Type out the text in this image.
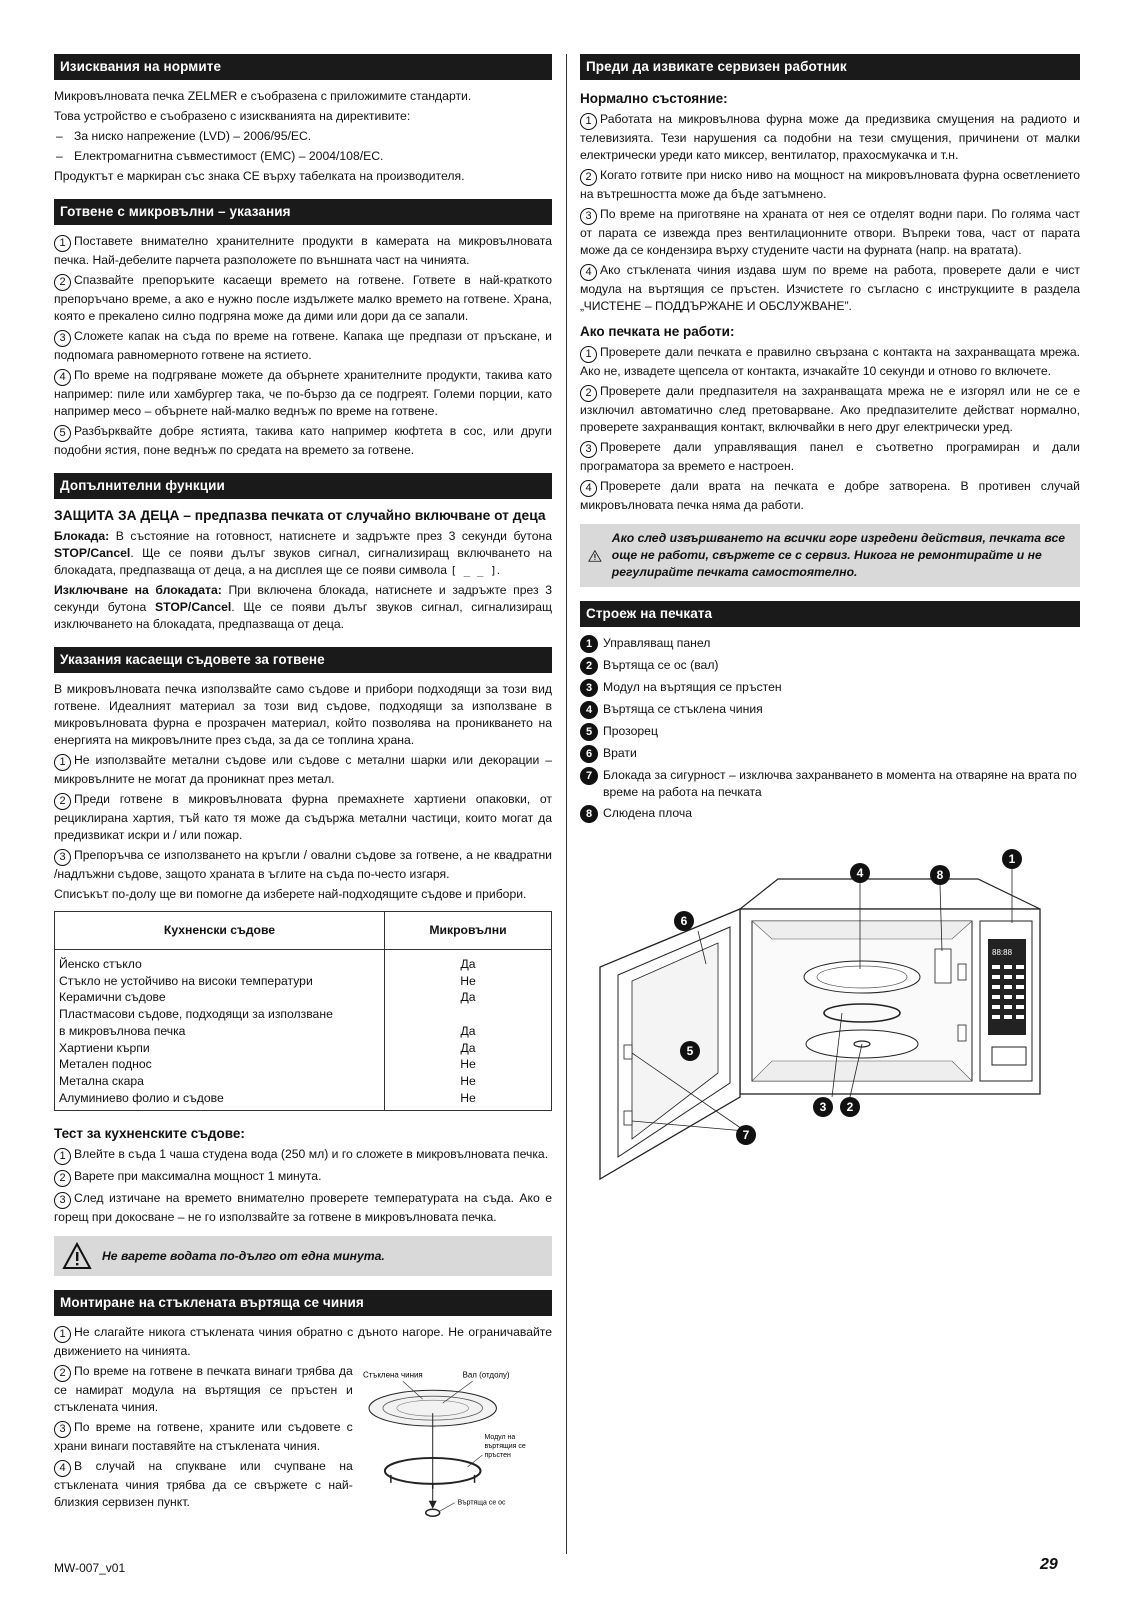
Изисквания на нормите

Микровълновата печка ZELMER е съобразена с приложимите стандарти.

Това устройство е съобразено с изискванията на директивите:

– За ниско напрежение (LVD) – 2006/95/EC.

– Електромагнитна съвместимост (EMC) – 2004/108/EC.

Продуктът е маркиран със знака CE върху табелката на производителя.

Готвене с микровълни – указания

1 Поставете внимателно хранителните продукти в камерата на микровълновата печка. Най-дебелите парчета разположете по външната част на чинията.

2 Спазвайте препоръките касаещи времето на готвене. Гответе в най-краткото препоръчано време, а ако е нужно после издължете малко времето на готвене. Храна, която е прекалено силно подгряна може да дими или дори да се запали.

3 Сложете капак на съда по време на готвене. Капака ще предпази от пръскане, и подпомага равномерното готвене на ястието.

4 По време на подгряване можете да обърнете хранителните продукти, такива като например: пиле или хамбургер така, че по-бързо да се подгреят. Големи порции, като например месо – обърнете най-малко веднъж по време на готвене.

5 Разбърквайте добре ястията, такива като например кюфтета в сос, или други подобни ястия, поне веднъж по средата на времето за готвене.

Допълнителни функции
ЗАЩИТА ЗА ДЕЦА – предпазва печката от случайно включване от деца

Блокада: В състояние на готовност, натиснете и задръжте през 3 секунди бутона STOP/Cancel. Ще се появи дълъг звуков сигнал, сигнализиращ включването на блокадата, предпазваща от деца, а на дисплея ще се появи символа [ _ _ ].

Изключване на блокадата: При включена блокада, натиснете и задръжте през 3 секунди бутона STOP/Cancel. Ще се появи дълъг звуков сигнал, сигнализиращ изключването на блокадата, предпазваща от деца.

Указания касаещи съдовете за готвене

В микровълновата печка използвайте само съдове и прибори подходящи за този вид готвене. Идеалният материал за този вид съдове, подходящи за използване в микровълновата фурна е прозрачен материал, който позволява на проникването на енергията на микровълните през съда, за да се топлина храна.

1 Не използвайте метални съдове или съдове с метални шарки или декорации – микровълните не могат да проникнат през метал.

2 Преди готвене в микровълновата фурна премахнете хартиени опаковки, от рециклирана хартия, тъй като тя може да съдържа метални частици, които могат да предизвикат искри и / или пожар.

3 Препоръчва се използването на кръгли / овални съдове за готвене, а не квадратни /надлъжни съдове, защото храната в ъглите на съда по-често изгаря.

Списъкът по-долу ще ви помогне да изберете най-подходящите съдове и прибори.

Кухненски съдове	Микровълни
Йенско стъкло	Да
Стъкло не устойчиво на високи температури	Не
Керамични съдове	Да
Пластмасови съдове, подходящи за използване	
в микровълнова печка	Да
Хартиени кърпи	Да
Метален поднос	Не
Метална скара	Не
Алуминиево фолио и съдове	Не
Тест за кухненските съдове:

1 Влейте в съда 1 чаша студена вода (250 мл) и го сложете в микровълновата печка.

2 Варете при максимална мощност 1 минута.

3 След изтичане на времето внимателно проверете температурата на съда. Ако е горещ при докосване – не го използвайте за готвене в микровълновата печка.

Не варете водата по-дълго от една минута.
Монтиране на стъклената въртяща се чиния

1 Не слагайте никога стъклената чиния обратно с дъното нагоре. Не ограничавайте движението на чинията.

2 По време на готвене в печката винаги трябва да се намират модула на въртящия се пръстен и стъклената чиния.

3 По време на готвене, храните или съдовете с храни винаги поставяйте на стъклената чиния.

4 В случай на спукване или счупване на стъклената чиния трябва да се свържете с най-близкия сервизен пункт.

Стъклена чиния	Вал (отдолу)
Модул на въртящия се пръстен
Въртяща се ос
Преди да извикате сервизен работник
Нормално състояние:

1 Работата на микровълнова фурна може да предизвика смущения на радиото и телевизията. Тези нарушения са подобни на тези смущения, причинени от малки електрически уреди като миксер, вентилатор, прахосмукачка и т.н.

2 Когато готвите при ниско ниво на мощност на микровълновата фурна осветлението на вътрешността може да бъде затъмнено.

3 По време на приготвяне на храната от нея се отделят водни пари. По голяма част от парата се извежда през вентилационните отвори. Въпреки това, част от парата може да се кондензира върху студените части на фурната (напр. на вратата).

4 Ако стъклената чиния издава шум по време на работа, проверете дали е чист модула на въртящия се пръстен. Изчистете го съгласно с инструкциите в раздела „ЧИСТЕНЕ – ПОДДЪРЖАНЕ И ОБСЛУЖВАНЕ”.

Ако печката не работи:

1 Проверете дали печката е правилно свързана с контакта на захранващата мрежа. Ако не, извадете щепсела от контакта, изчакайте 10 секунди и отново го включете.

2 Проверете дали предпазителя на захранващата мрежа не е изгорял или не се е изключил автоматично след претоварване. Ако предпазителите действат нормално, проверете захранващия контакт, включвайки в него друг електрически уред.

3 Проверете дали управляващия панел е съответно програмиран и дали програматора за времето е настроен.

4 Проверете дали врата на печката е добре затворена. В противен случай микровълновата печка няма да работи.

Ако след извършването на всички горе изредени действия, печката все още не работи, свържете се с сервиз. Никога не ремонтирайте и не регулирайте печката самостоятелно.
Строеж на печката
1 Управляващ панел
2 Въртяща се ос (вал)
3 Модул на въртящия се пръстен
4 Въртяща се стъклена чиния
5 Прозорец
6 Врати
7 Блокада за сигурност – изключва захранването в момента на отваряне на врата по време на работа на печката
8 Слюдена плоча
88:88
1
2
3
4
5
6
7
8
MW-007_v01	29
